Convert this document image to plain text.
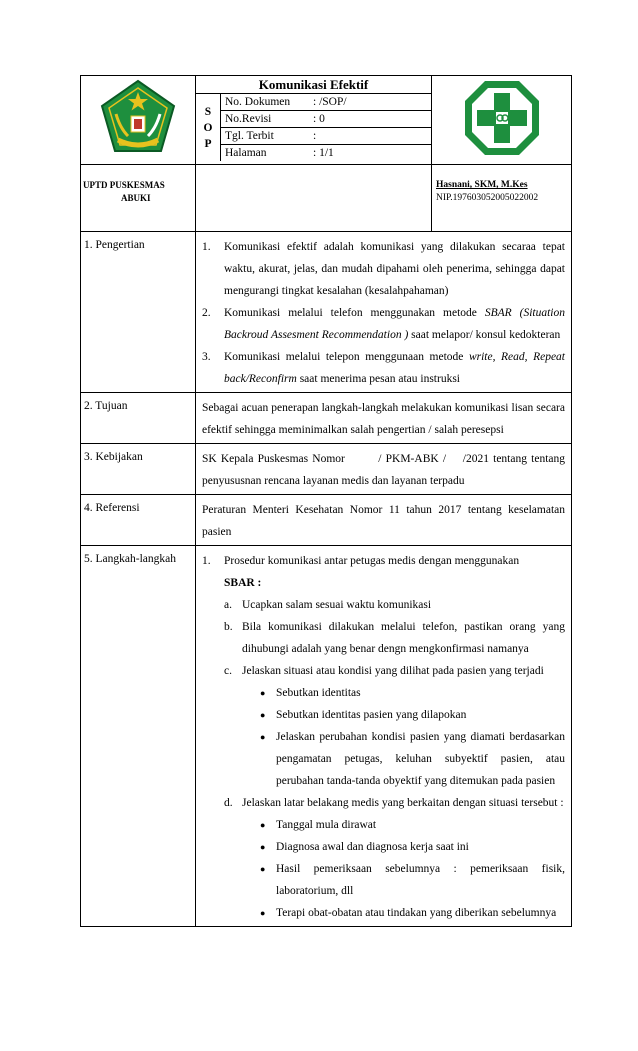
Komunikasi Efektif
S
O
P
	No. Dokumen	: /SOP/
No.Revisi	: 0
Tgl. Terbit	:
Halaman	: 1/1

UPTD PUSKESMAS
ABUKI

Hasnani, SKM, M.Kes
NIP.197603052005022002

1. Pengertian	1.	Komunikasi efektif adalah komunikasi yang dilakukan secaraa tepat waktu, akurat, jelas, dan mudah dipahami oleh penerima, sehingga dapat mengurangi tingkat kesalahan (kesalahpahaman)
2.	Komunikasi melalui telefon menggunakan metode SBAR (Situation Backroud Assesment Recommendation ) saat melapor/ konsul kedokteran
3.	Komunikasi melalui telepon menggunaan metode write, Read, Repeat back/Reconfirm saat menerima pesan atau instruksi

2. Tujuan	Sebagai acuan penerapan langkah-langkah melakukan komunikasi lisan secara efektif sehingga meminimalkan salah pengertian / salah peresepsi
3. Kebijakan	SK Kepala Puskesmas Nomor        / PKM-ABK /    /2021 tentang tentang penyususnan rencana layanan medis dan layanan terpadu
4. Referensi	Peraturan Menteri Kesehatan Nomor 11 tahun 2017 tentang keselamatan pasien
5. Langkah-langkah	1.	Prosedur komunikasi antar petugas medis dengan menggunakan
SBAR :
a. Ucapkan salam sesuai waktu komunikasi
b. Bila komunikasi dilakukan melalui telefon, pastikan orang yang dihubungi adalah yang benar dengn mengkonfirmasi namanya
c. Jelaskan situasi atau kondisi yang dilihat pada pasien yang terjadi
● Sebutkan identitas
● Sebutkan identitas pasien yang dilapokan
● Jelaskan perubahan kondisi pasien yang diamati berdasarkan pengamatan petugas, keluhan subyektif pasien, atau perubahan tanda-tanda obyektif yang ditemukan pada pasien
d. Jelaskan latar belakang medis yang berkaitan dengan situasi tersebut :
● Tanggal mula dirawat
● Diagnosa awal dan diagnosa kerja saat ini
● Hasil pemeriksaan sebelumnya : pemeriksaan fisik, laboratorium, dll
● Terapi obat-obatan atau tindakan yang diberikan sebelumnya
